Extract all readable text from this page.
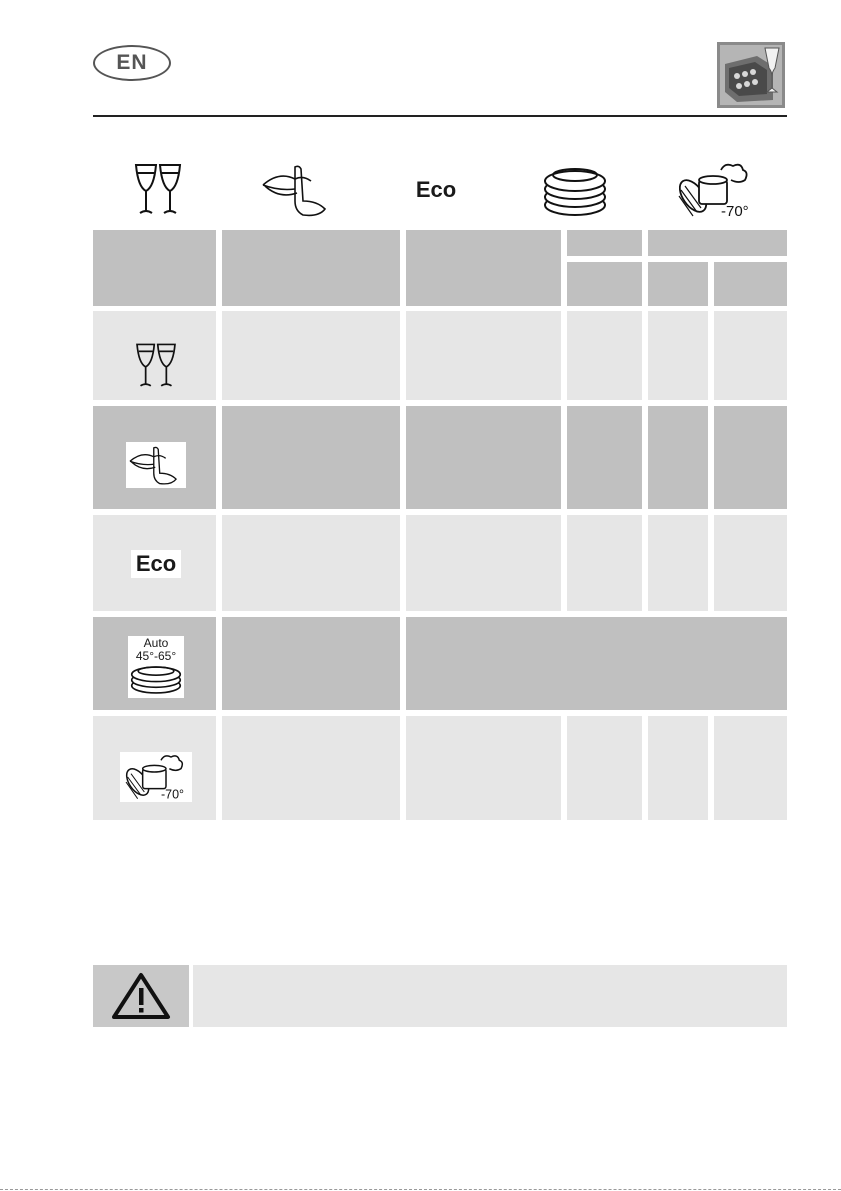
EN
Eco
-70°
Eco
Auto
45°-65°
-70°
